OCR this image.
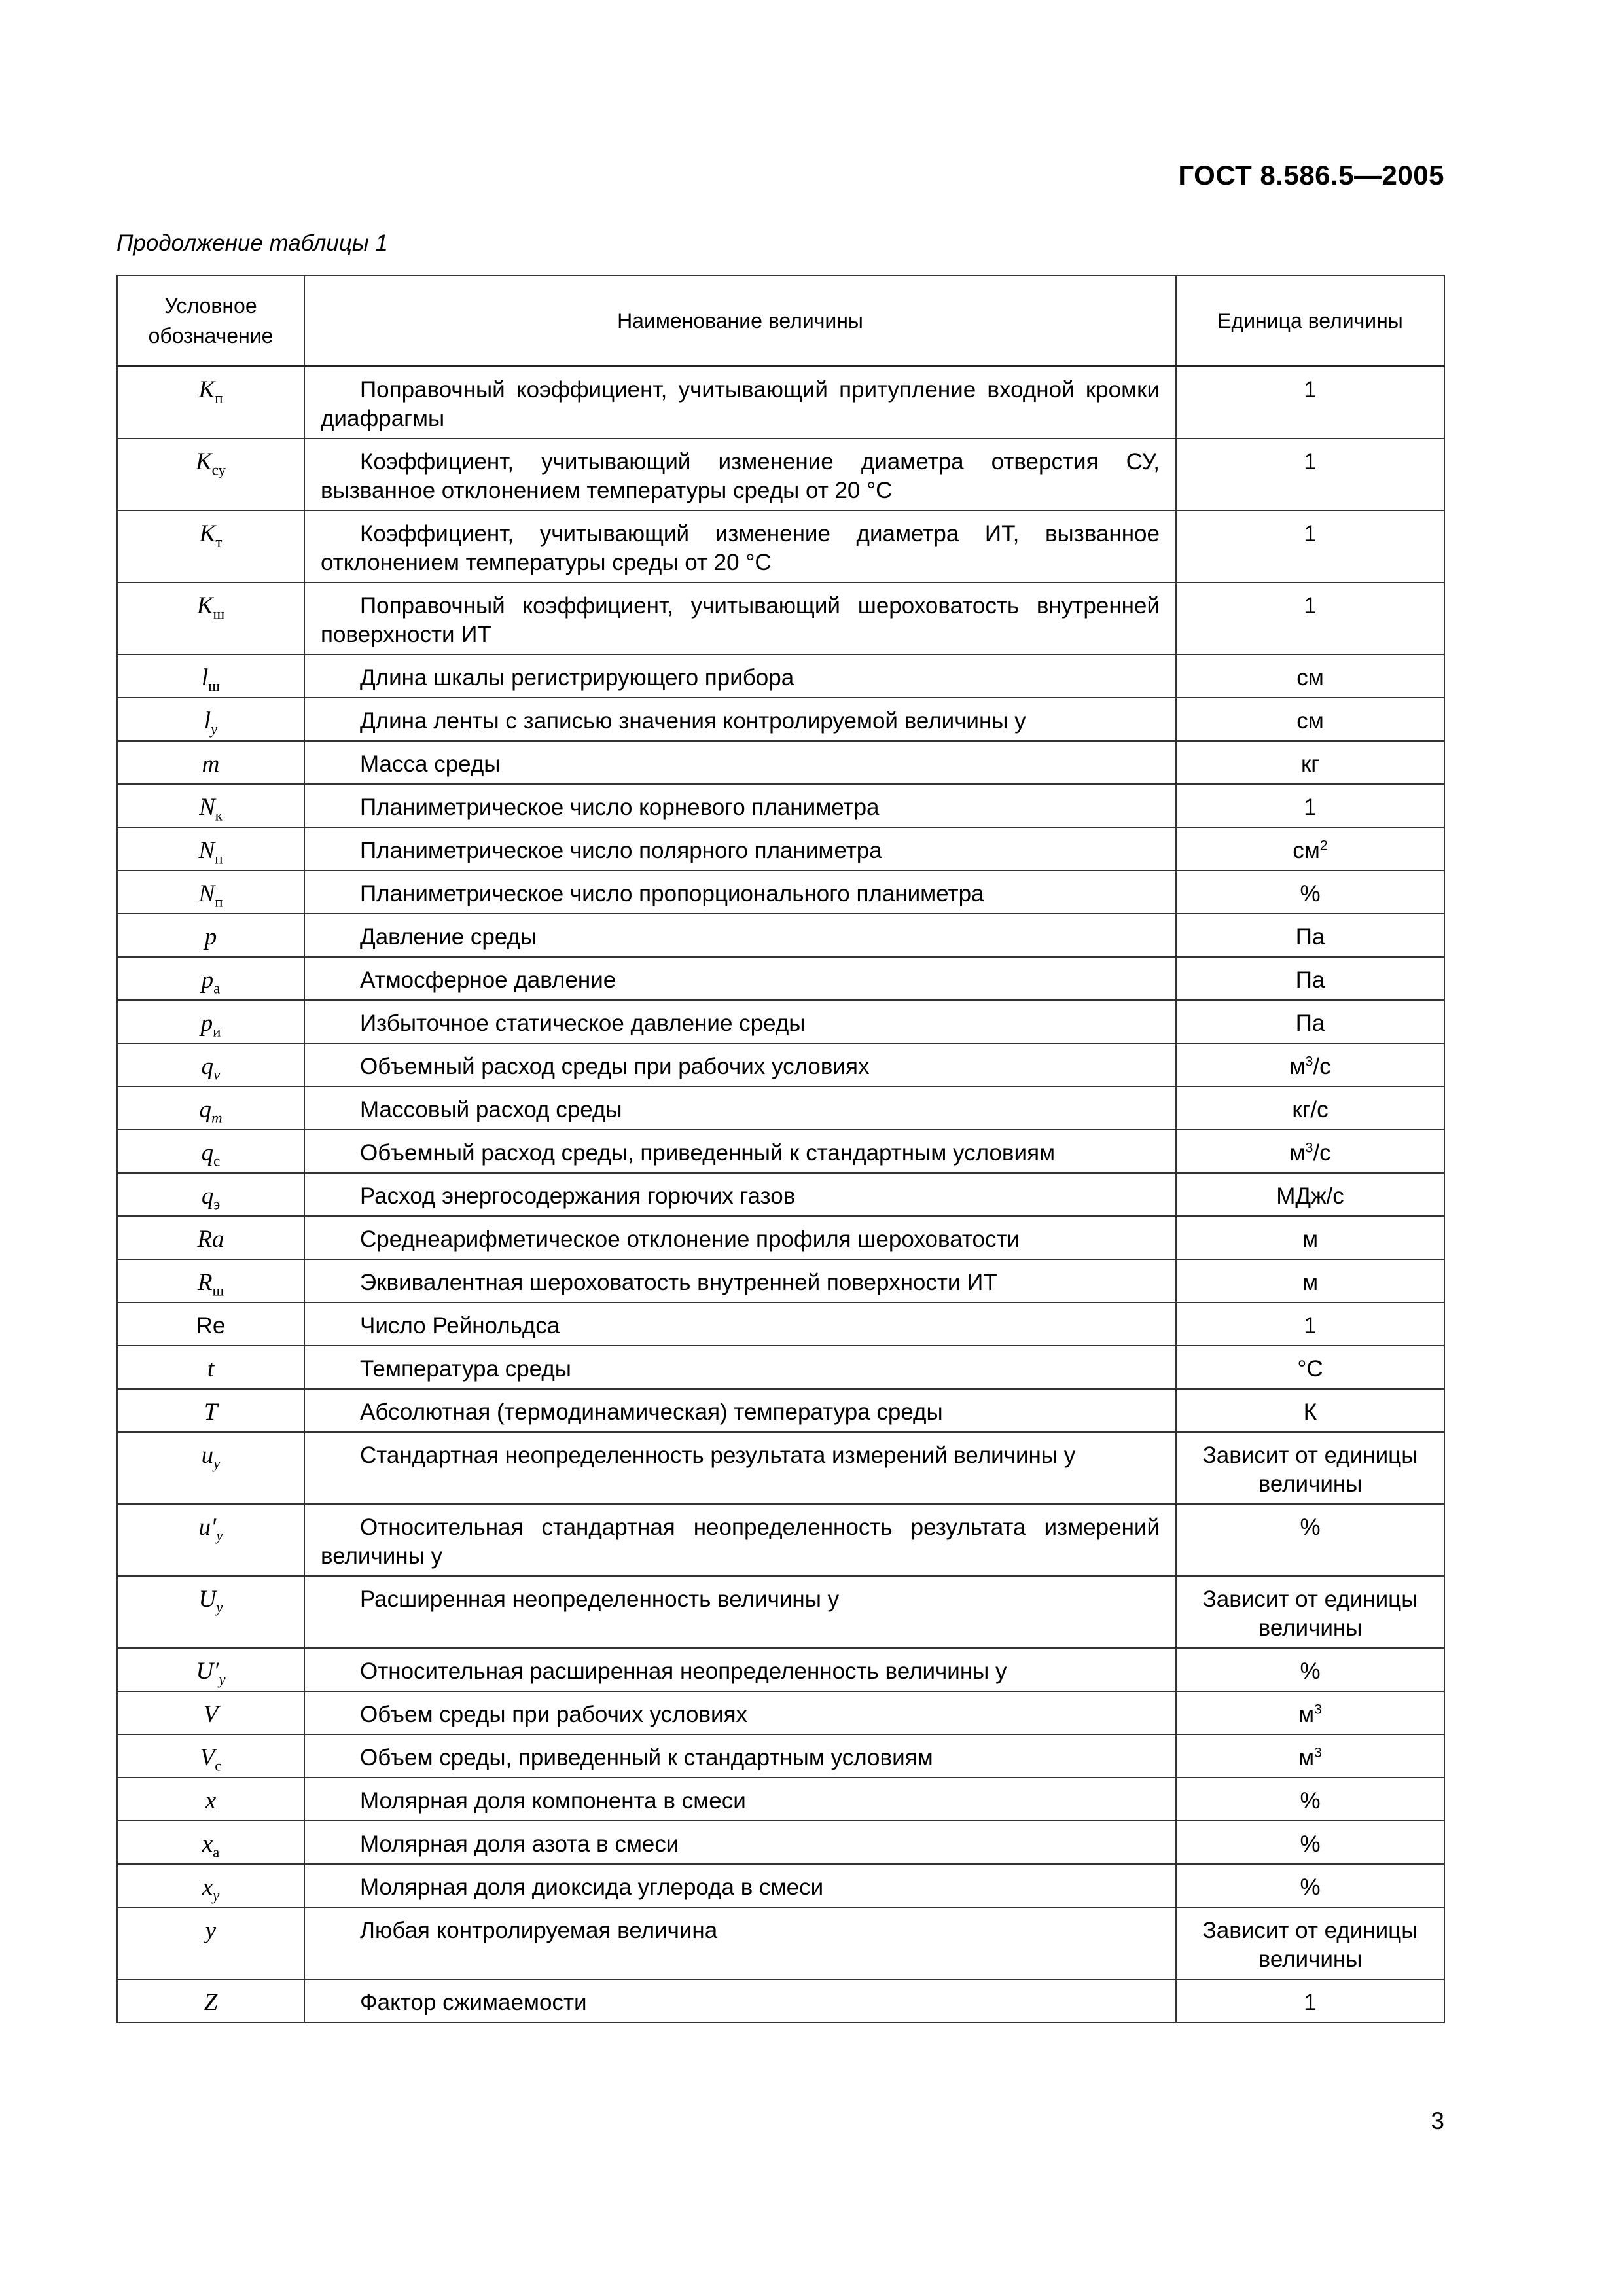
ГОСТ 8.586.5—2005
Продолжение таблицы 1
Условное
обозначение	Наименование величины	Единица величины
$K_п$	Поправочный коэффициент, учитывающий притупление входной кромки диафрагмы	1
$K_{су}$	Коэффициент, учитывающий изменение диаметра отверстия СУ, вызванное отклонением температуры среды от 20 °С	1
$K_т$	Коэффициент, учитывающий изменение диаметра ИТ, вызванное отклонением температуры среды от 20 °С	1
$K_ш$	Поправочный коэффициент, учитывающий шероховатость внутренней поверхности ИТ	1
$l_ш$	Длина шкалы регистрирующего прибора	см
$l_y$	Длина ленты с записью значения контролируемой величины y	см
m	Масса среды	кг
$N_к$	Планиметрическое число корневого планиметра	1
$N_п$	Планиметрическое число полярного планиметра	$см^2$
$N_п$	Планиметрическое число пропорционального планиметра	%
p	Давление среды	Па
$p_а$	Атмосферное давление	Па
$p_и$	Избыточное статическое давление среды	Па
$q_v$	Объемный расход среды при рабочих условиях	$м^3/с$
$q_m$	Массовый расход среды	кг/с
$q_с$	Объемный расход среды, приведенный к стандартным условиям	$м^3/с$
$q_э$	Расход энергосодержания горючих газов	МДж/с
Ra	Среднеарифметическое отклонение профиля шероховатости	м
$R_ш$	Эквивалентная шероховатость внутренней поверхности ИТ	м
Re	Число Рейнольдса	1
t	Температура среды	°С
T	Абсолютная (термодинамическая) температура среды	К
$u_y$	Стандартная неопределенность результата измерений величины y	Зависит от единицы величины
$u'_y$	Относительная стандартная неопределенность результата измерений величины y	%
$U_y$	Расширенная неопределенность величины y	Зависит от единицы величины
$U'_y$	Относительная расширенная неопределенность величины y	%
V	Объем среды при рабочих условиях	$м^3$
$V_с$	Объем среды, приведенный к стандартным условиям	$м^3$
x	Молярная доля компонента в смеси	%
$x_а$	Молярная доля азота в смеси	%
$x_y$	Молярная доля диоксида углерода в смеси	%
y	Любая контролируемая величина	Зависит от единицы величины
Z	Фактор сжимаемости	1
3
